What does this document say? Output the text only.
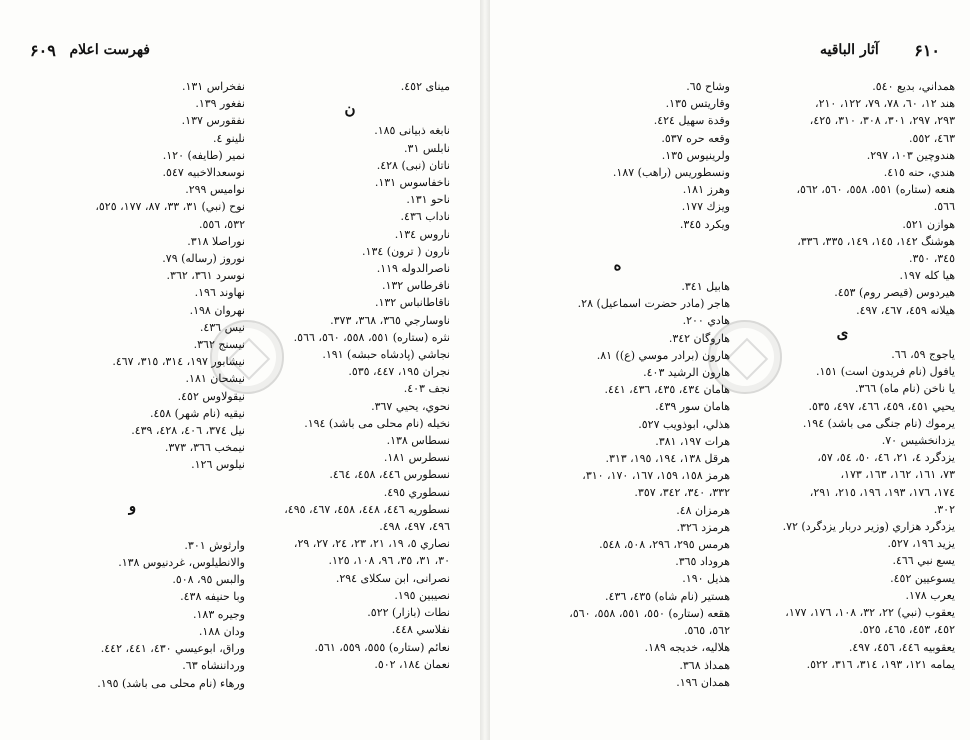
۶۰۹ فهرست اعلام
مینای ٤٥٢.
ن
نابغه ذبیانی ١٨٥.
نابلس ٣١.
ناتان (نبی) ٤٢٨.
ناخفاسوس ١٣١.
ناحو ١٣١.
ناداب ٤٣٦.
ناروس ١٣٤.
نارون ( ترون) ١٣٤.
ناصرالدوله ١١٩.
نافرطاس ١٣٢.
ناقاطانباس ١٣٢.
ناوسارجي ٣٦٥، ٣٦٨، ٣٧٣.
نثره (ستاره) ٥٥١، ٥٥٨، ٥٦٠، ٥٦٦.
نجاشي (پادشاه حبشه) ١٩١.
نجران ١٩٥، ٤٤٧، ٥٣٥.
نجف ٤٠٣.
نحوي، يحيي ٣٦٧.
نخيله (نام محلی می باشد) ١٩٤.
نسطاس ١٣٨.
نسطرس ١٨١.
نسطورس ٤٤٦، ٤٥٨، ٤٦٤.
نسطوري ٤٩٥.
نسطوريه ٤٤٦، ٤٤٨، ٤٥٨، ٤٦٧، ٤٩٥،
٤٩٦، ٤٩٧، ٤٩٨.
نصاري ٥، ١٩، ٢١، ٢٣، ٢٤، ٢٧، ٢٩،
٣٠، ٣١، ٣٥، ٩٦، ١٠٨، ١٢٥.
نصرانی، ابن سكلاى ٢٩٤.
نصيبين ١٩٥.
نطات (بازار) ٥٢٢.
نفلاسي ٤٤٨.
نعائم (ستاره) ٥٥٥، ٥٥٩، ٥٦١.
نعمان ١٨٤، ٥٠٢.
نفخراس ١٣١.
نفغور ١٣٩.
نفقورس ١٣٧.
نلينو ٤.
نمير (طايفه) ١٢٠.
نوسعدالاخبيه ٥٤٧.
نواميس ٢٩٩.
نوح (نبي) ٣١، ٣٣، ٨٧، ١٧٧، ٥٢٥،
٥٣٢، ٥٥٦.
نوراصلا ٣١٨.
نوروز (رساله) ٧٩.
نوسرد ٣٦١، ٣٦٢.
نهاوند ١٩٦.
نهروان ١٩٨.
نيس ٤٣٦.
نيسنج ٣٦٢.
نيشابور ١٩٧، ٣١٤، ٣١٥، ٤٦٧.
نيشحان ١٨١.
نيقولاوس ٤٥٢.
نيقيه (نام شهر) ٤٥٨.
نيل ٣٧٤، ٤٠٦، ٤٢٨، ٤٣٩.
نيمخب ٣٦٦، ٣٧٣.
نيلوس ١٢٦.
و
وارثوش ٣٠١.
والانطيلوس، غردنيوس ١٣٨.
والبس ٩٥، ٥٠٨.
وبا حنيفه ٤٣٨.
وجيره ١٨٣.
ودان ١٨٨.
وراق، ابوعيسي ٤٣٠، ٤٤١، ٤٤٢.
ورداننشاه ٦٣.
ورهاء (نام محلی می باشد) ١٩٥.
آثار الباقيه ۶۱۰
همداني، بديع ٥٤٠.
هند ١٢، ٦٠، ٧٨، ٧٩، ١٢٢، ٢١٠،
٢٩٣، ٢٩٧، ٣٠١، ٣٠٨، ٣١٠، ٤٢٥،
٤٦٣، ٥٥٢.
هندوچين ١٠٣، ٢٩٧.
هندي، حنه ٤١٥.
هنعه (ستاره) ٥٥١، ٥٥٨، ٥٦٠، ٥٦٢،
٥٦٦.
هوازن ٥٢١.
هوشنگ ١٤٢، ١٤٥، ١٤٩، ٣٣٥، ٣٣٦،
٣٤٥، ٣٥٠.
هيا كله ١٩٧.
هيردوس (قيصر روم) ٤٥٣.
هيلانه ٤٥٩، ٤٦٧، ٤٩٧.
ى
ياجوج ٥٩، ٦٦.
يافول (نام فريدون است) ١٥١.
يا ناخن (نام ماه) ٣٦٦.
يحيي ٤٥١، ٤٥٩، ٤٦٦، ٤٩٧، ٥٣٥.
يرموك (نام جنگی می باشد) ١٩٤.
يزدانخشيس ٧٠.
يزدگرد ٤، ٢١، ٤٦، ٥٠، ٥٤، ٥٧،
٧٣، ١٦١، ١٦٢، ١٦٣، ١٧٣،
١٧٤، ١٧٦، ١٩٣، ١٩٦، ٢١٥، ٢٩١،
٣٠٢.
يزدگرد هزاري (وزير دربار يزدگرد) ٧٢.
يزيد ١٩٦، ٥٢٧.
يسع نبي ٤٦٦.
يسوعيين ٤٥٢.
يعرب ١٧٨.
يعقوب (نبي) ٢٢، ٣٢، ١٠٨، ١٧٦، ١٧٧،
٤٥٢، ٤٥٣، ٤٦٥، ٥٢٥.
يعقوبيه ٤٤٦، ٤٥٦، ٤٩٧.
يمامه ١٢١، ١٩٣، ٣١٤، ٣١٦، ٥٢٢.
وشاح ٦٥.
وقاريتس ١٣٥.
وقدة سهيل ٤٢٤.
وقعه حره ٥٣٧.
ولرينيوس ١٣٥.
ونسطوريس (راهب) ١٨٧.
وهرز ١٨١.
ويزك ١٧٧.
ويكرد ٣٤٥.
ه
هابيل ٣٤١.
هاجر (مادر حضرت اسماعيل) ٢٨.
هادي ٢٠٠.
هاروگان ٣٤٢.
هارون (برادر موسي (ع)) ٨١.
هارون الرشيد ٤٠٣.
هامان ٤٣٤، ٤٣٥، ٤٣٦، ٤٤١.
هامان سور ٤٣٩.
هذلي، ابوذويب ٥٢٧.
هرات ١٩٧، ٣٨١.
هرقل ١٣٨، ١٩٤، ١٩٥، ٣١٣.
هرمز ١٥٨، ١٥٩، ١٦٧، ١٧٠، ٣١٠،
٣٣٢، ٣٤٠، ٣٤٢، ٣٥٧.
هرمزان ٤٨.
هرمزد ٣٢٦.
هرمس ٢٩٥، ٢٩٦، ٥٠٨، ٥٤٨.
هروداد ٣٦٥.
هذيل ١٩٠.
هستير (نام شاه) ٤٣٥، ٤٣٦.
هقعه (ستاره) ٥٥٠، ٥٥١، ٥٥٨، ٥٦٠،
٥٦٢، ٥٦٥.
هلاليه، خديجه ١٨٩.
همداذ ٣٦٨.
همدان ١٩٦.
